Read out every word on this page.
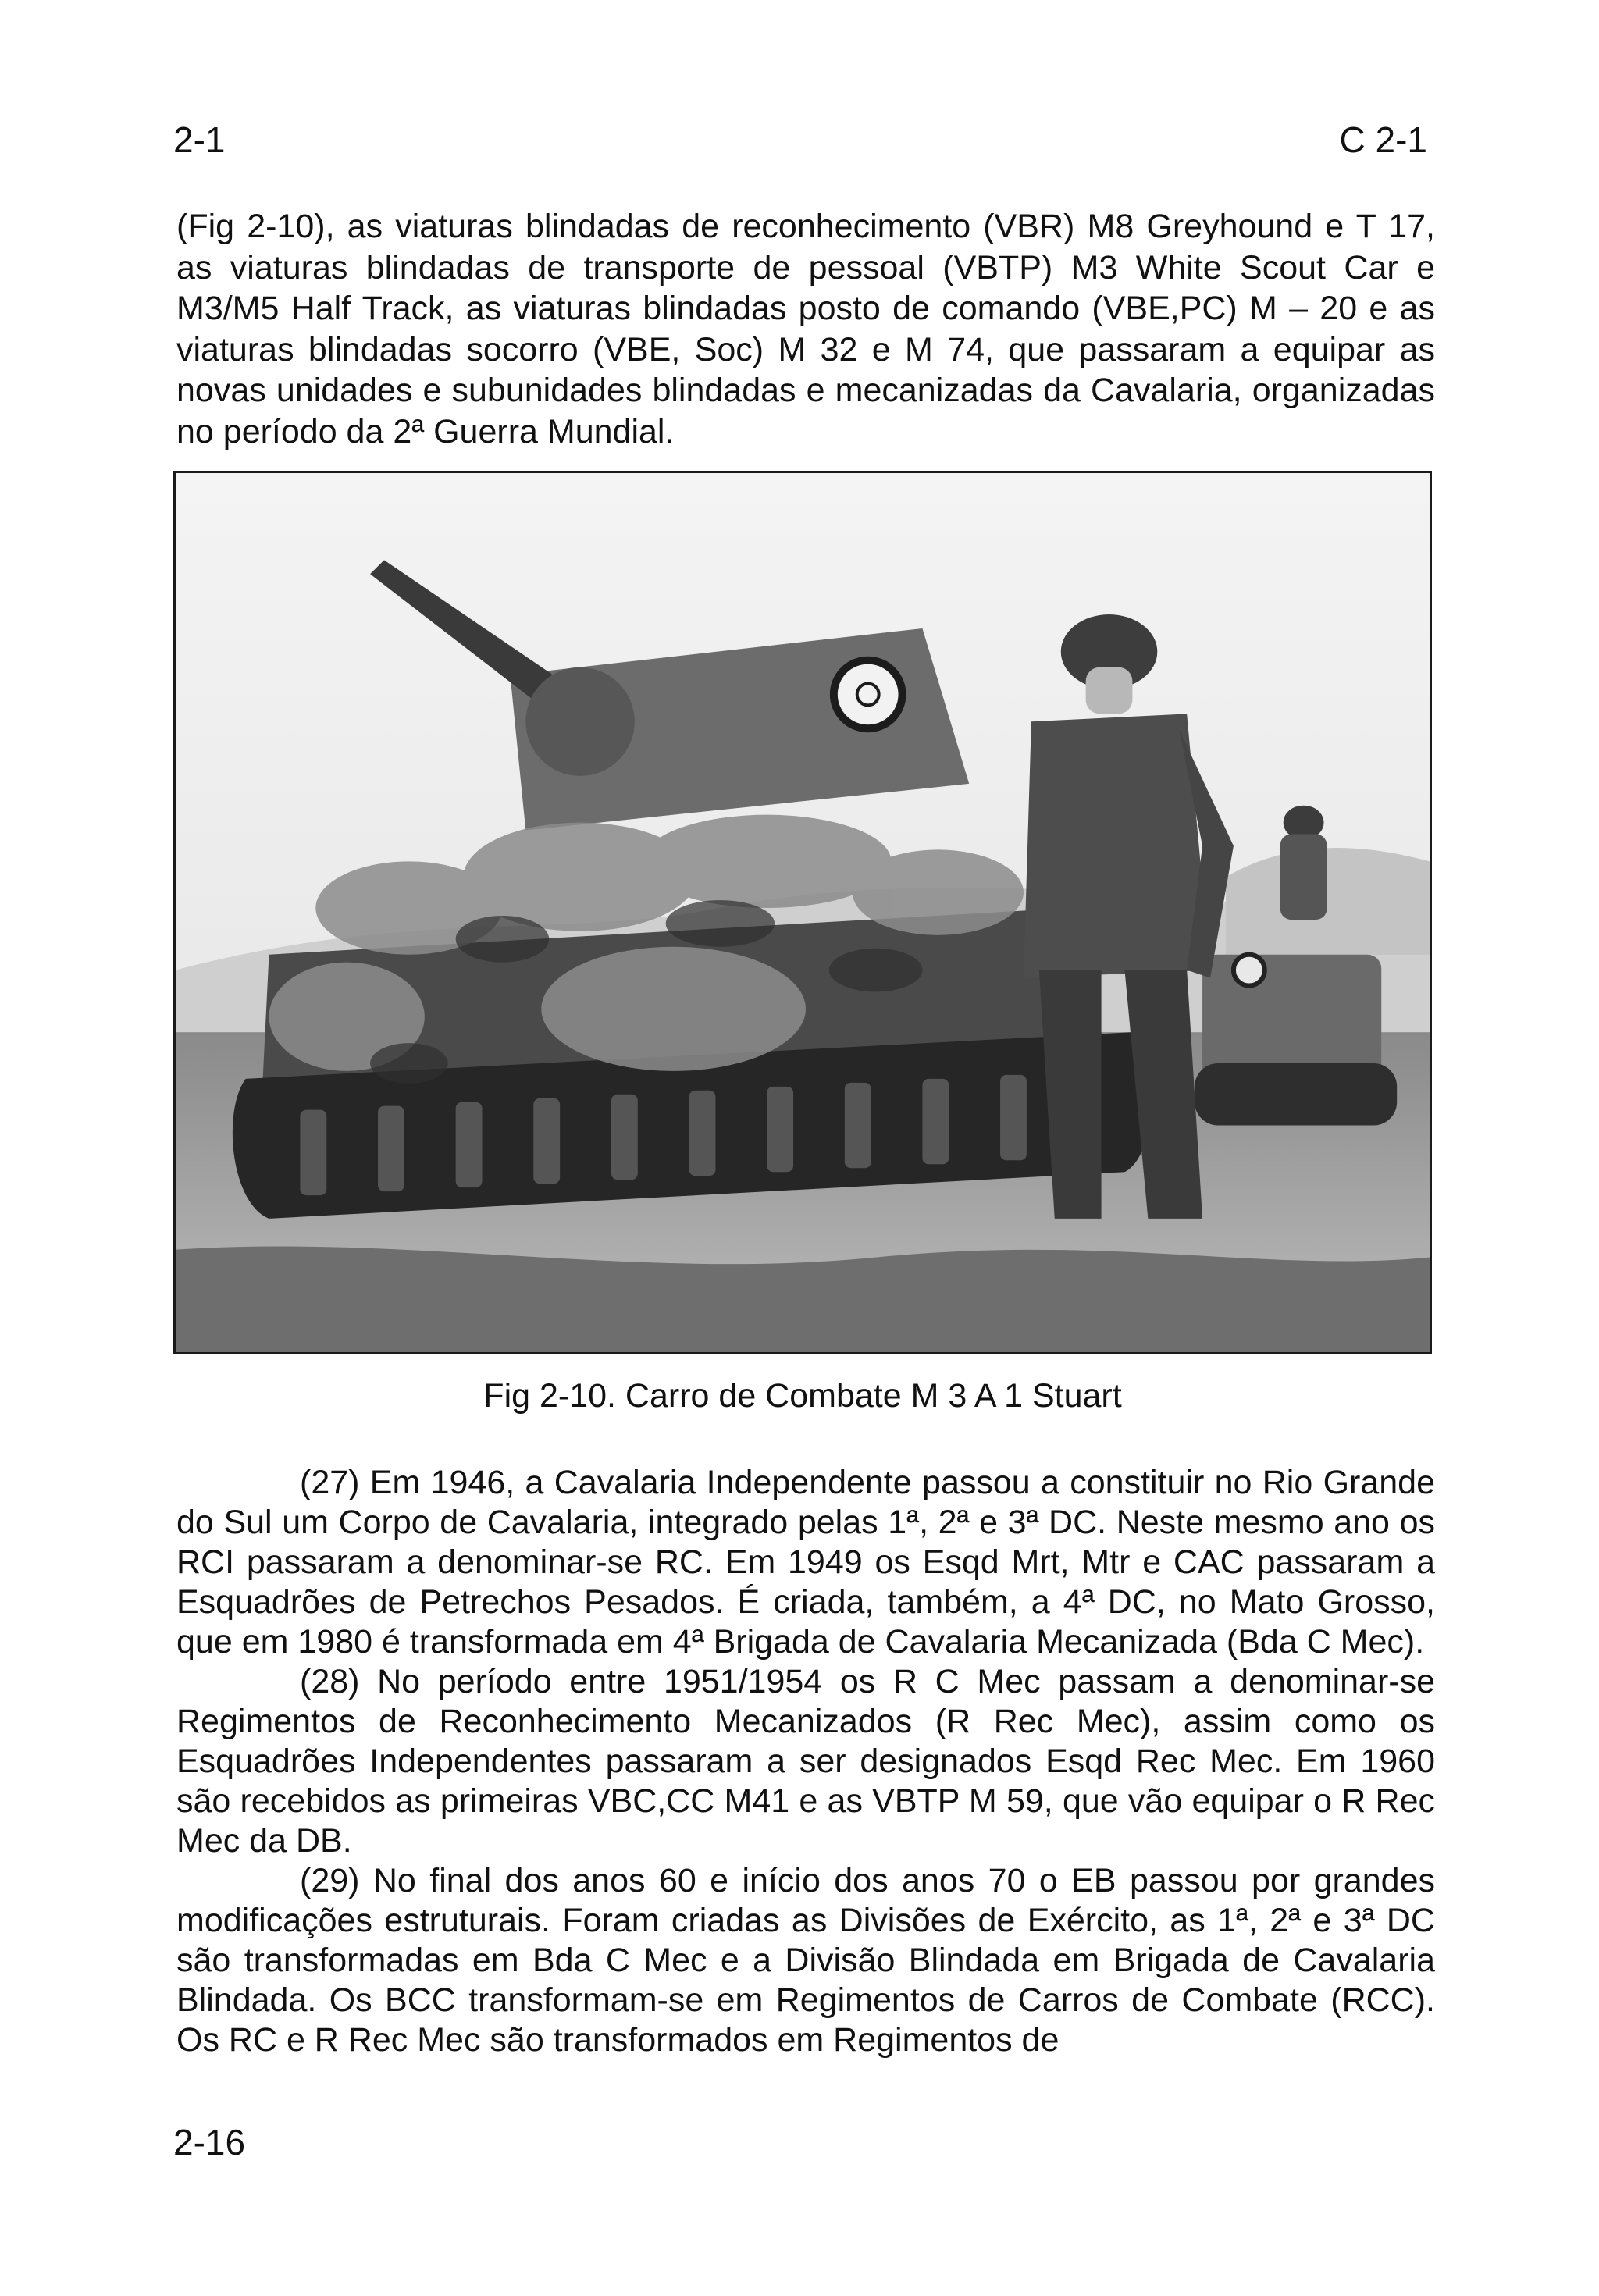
2-1	C 2-1
(Fig 2-10), as viaturas blindadas de reconhecimento (VBR) M8 Greyhound e T 17, as viaturas blindadas de transporte de pessoal (VBTP) M3 White Scout Car e M3/M5 Half Track, as viaturas blindadas posto de comando (VBE,PC) M – 20 e as viaturas blindadas socorro (VBE, Soc) M 32 e M 74, que passaram a equipar as novas unidades e subunidades blindadas e mecanizadas da Cavalaria, organizadas no período da 2ª Guerra Mundial.
Fig 2-10. Carro de Combate M 3 A 1 Stuart

(27) Em 1946, a Cavalaria Independente passou a constituir no Rio Grande do Sul um Corpo de Cavalaria, integrado pelas 1ª, 2ª e 3ª DC. Neste mesmo ano os RCI passaram a denominar-se RC. Em 1949 os Esqd Mrt, Mtr e CAC passaram a Esquadrões de Petrechos Pesados. É criada, também, a 4ª DC, no Mato Grosso, que em 1980 é transformada em 4ª Brigada de Cavalaria Mecanizada (Bda C Mec).

(28) No período entre 1951/1954 os R C Mec passam a denominar-se Regimentos de Reconhecimento Mecanizados (R Rec Mec), assim como os Esquadrões Independentes passaram a ser designados Esqd Rec Mec. Em 1960 são recebidos as primeiras VBC,CC M41 e as VBTP M 59, que vão equipar o R Rec Mec da DB.

(29) No final dos anos 60 e início dos anos 70 o EB passou por grandes modificações estruturais. Foram criadas as Divisões de Exército, as 1ª, 2ª e 3ª DC são transformadas em Bda C Mec e a Divisão Blindada em Brigada de Cavalaria Blindada. Os BCC transformam-se em Regimentos de Carros de Combate (RCC). Os RC e R Rec Mec são transformados em Regimentos de

2-16
